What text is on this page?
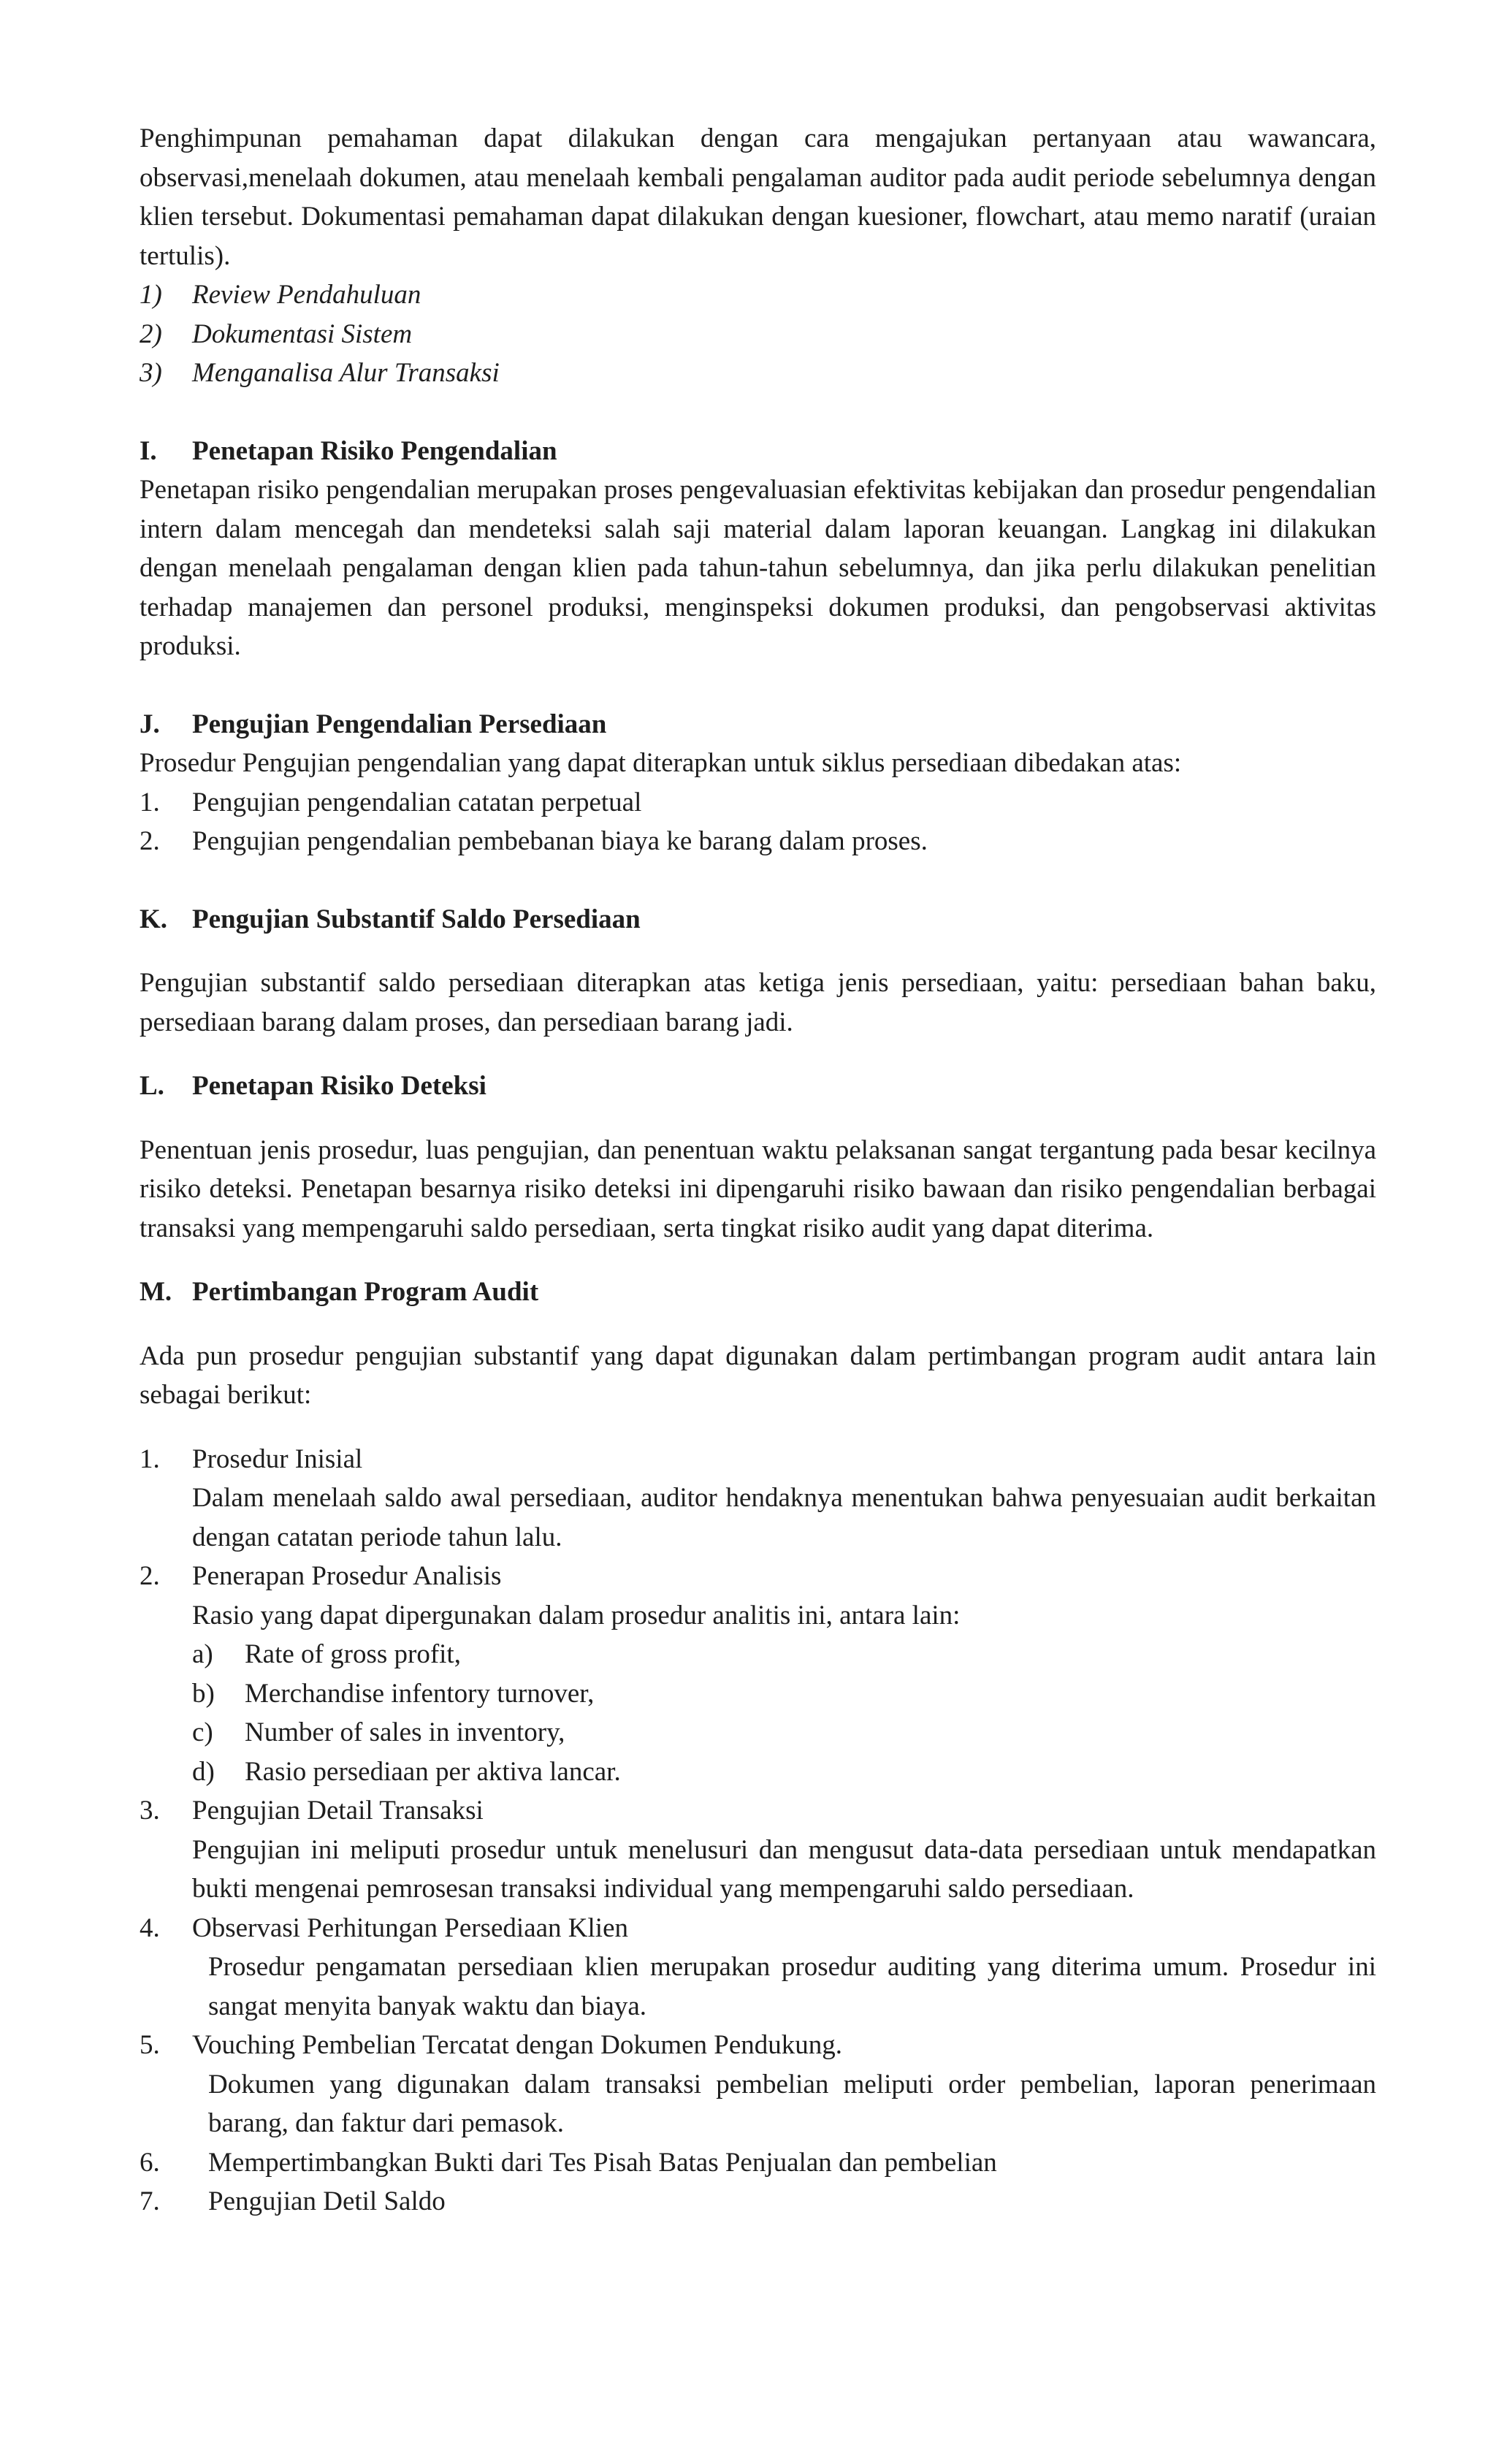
Penghimpunan pemahaman dapat dilakukan dengan cara mengajukan pertanyaan atau wawancara, observasi,menelaah dokumen, atau menelaah kembali pengalaman auditor pada audit periode sebelumnya dengan klien tersebut. Dokumentasi pemahaman dapat dilakukan dengan kuesioner, flowchart, atau memo naratif (uraian tertulis).

1)	Review Pendahuluan
2)	Dokumentasi Sistem
3)	Menganalisa Alur Transaksi
I.	Penetapan Risiko Pengendalian

Penetapan risiko pengendalian merupakan proses pengevaluasian efektivitas kebijakan dan prosedur pengendalian intern dalam mencegah dan mendeteksi salah saji material dalam laporan keuangan. Langkag ini dilakukan dengan menelaah pengalaman dengan klien pada tahun-tahun sebelumnya, dan jika perlu dilakukan penelitian terhadap manajemen dan personel produksi, menginspeksi dokumen produksi, dan pengobservasi aktivitas produksi.

J.	Pengujian Pengendalian Persediaan

Prosedur Pengujian pengendalian yang dapat diterapkan untuk siklus persediaan dibedakan atas:

1.	Pengujian pengendalian catatan perpetual
2.	Pengujian pengendalian pembebanan biaya ke barang dalam proses.
K. Pengujian Substantif Saldo Persediaan

Pengujian substantif saldo persediaan diterapkan atas ketiga jenis persediaan, yaitu: persediaan bahan baku, persediaan barang dalam proses, dan persediaan barang jadi.

L.	Penetapan Risiko Deteksi

Penentuan jenis prosedur, luas pengujian, dan penentuan waktu pelaksanan sangat tergantung pada besar kecilnya risiko deteksi. Penetapan besarnya risiko deteksi ini dipengaruhi risiko bawaan dan risiko pengendalian berbagai transaksi yang mempengaruhi saldo persediaan, serta tingkat risiko audit yang dapat diterima.

M. Pertimbangan Program Audit

Ada pun prosedur pengujian substantif yang dapat digunakan dalam pertimbangan program audit antara lain sebagai berikut:

1.	Prosedur Inisial

Dalam menelaah saldo awal persediaan, auditor hendaknya menentukan bahwa penyesuaian audit berkaitan dengan catatan periode tahun lalu.

2.	Penerapan Prosedur Analisis

Rasio yang dapat dipergunakan dalam prosedur analitis ini, antara lain:

a)	Rate of gross profit,
b)	Merchandise infentory turnover,
c)	Number of sales in inventory,
d)	Rasio persediaan per aktiva lancar.
3.	Pengujian Detail Transaksi

Pengujian ini meliputi prosedur untuk menelusuri dan mengusut data-data persediaan untuk mendapatkan bukti mengenai pemrosesan transaksi individual yang mempengaruhi saldo persediaan.

4.	Observasi Perhitungan Persediaan Klien

Prosedur pengamatan persediaan klien merupakan prosedur auditing yang diterima umum. Prosedur ini sangat menyita banyak waktu dan biaya.

5.	Vouching Pembelian Tercatat dengan Dokumen Pendukung.

Dokumen yang digunakan dalam transaksi pembelian meliputi order pembelian, laporan penerimaan barang, dan faktur dari pemasok.

6.	Mempertimbangkan Bukti dari Tes Pisah Batas Penjualan dan pembelian
7.	Pengujian Detil Saldo
